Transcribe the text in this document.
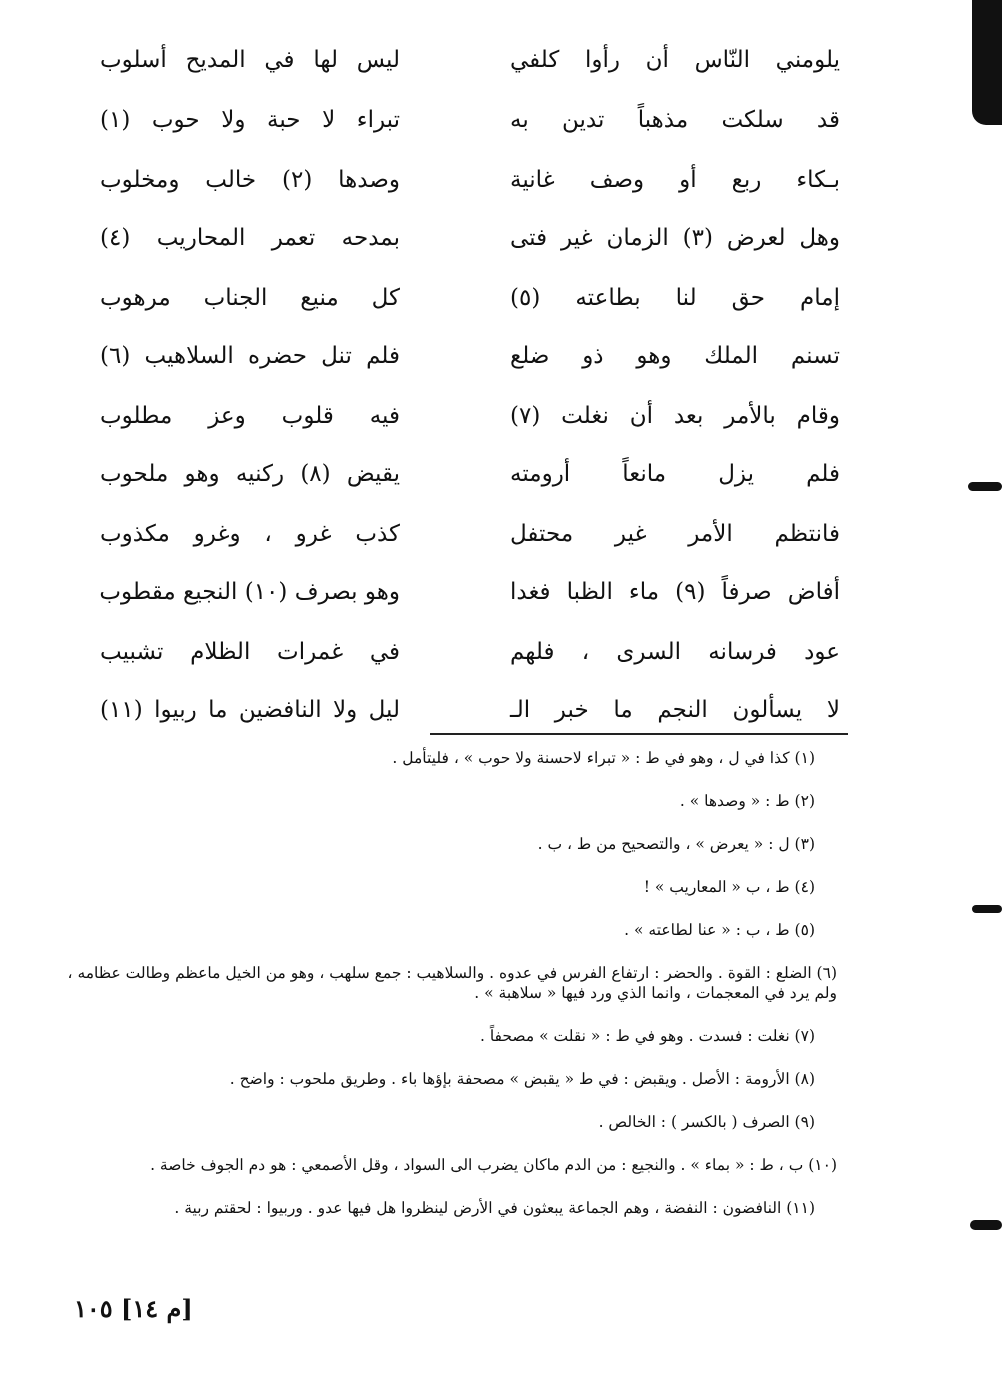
يلومني النّاس أن رأوا كلفي
ليس لها في المديح أسلوب
قد سلكت مذهباً تدين به
تبراء لا حبة ولا حوب (١)
بـكاء ربع أو وصف غانية
وصدها (٢) خالب ومخلوب
وهل لعرض (٣) الزمان غير فتى
بمدحه تعمر المحاريب (٤)
إمام حق لنا بطاعته (٥)
كل منيع الجناب مرهوب
تسنم الملك وهو ذو ضلع
فلم تنل حضره السلاهيب (٦)
وقام بالأمر بعد أن نغلت (٧)
فيه قلوب وعز مطلوب
فلم يزل مانعاً أرومته
يقيض (٨) ركنيه وهو ملحوب
فانتظم الأمر غير محتفل
كذب غرو ، وغرو مكذوب
أفاض صرفاً (٩) ماء الظبا فغدا
وهو بصرف (١٠) النجيع مقطوب
عود فرسانه السرى ، فلهم
في غمرات الظلام تشبيب
لا يسألون النجم ما خبر الـ
ليل ولا النافضين ما ربيوا (١١)
(١) كذا في ل ، وهو في ط : « تبراء لاحسنة ولا حوب » ، فليتأمل .
(٢) ط : « وصدها » .
(٣) ل : « يعرض » ، والتصحيح من ط ، ب .
(٤) ط ، ب « المعاريب » !
(٥) ط ، ب : « عنا لطاعته » .
(٦) الضلع : القوة . والحضر : ارتفاع الفرس في عدوه . والسلاهيب : جمع سلهب ، وهو من الخيل ماعظم وطالت عظامه ، ولم يرد في المعجمات ، وانما الذي ورد فيها « سلاهبة » .
(٧) نغلت : فسدت . وهو في ط : « نقلت » مصحفاً .
(٨) الأرومة : الأصل . ويقبض : في ط « يقبض » مصحفة بإؤها باء . وطريق ملحوب : واضح .
(٩) الصرف ( بالكسر ) : الخالص .
(١٠) ب ، ط : « بماء » . والنجيع : من الدم ماكان يضرب الى السواد ، وقل الأصمعي : هو دم الجوف خاصة .
(١١) النافضون : النفضة ، وهم الجماعة يبعثون في الأرض لينظروا هل فيها عدو . وربيوا : لحقتم ربية .
[م ١٤] ١٠٥
